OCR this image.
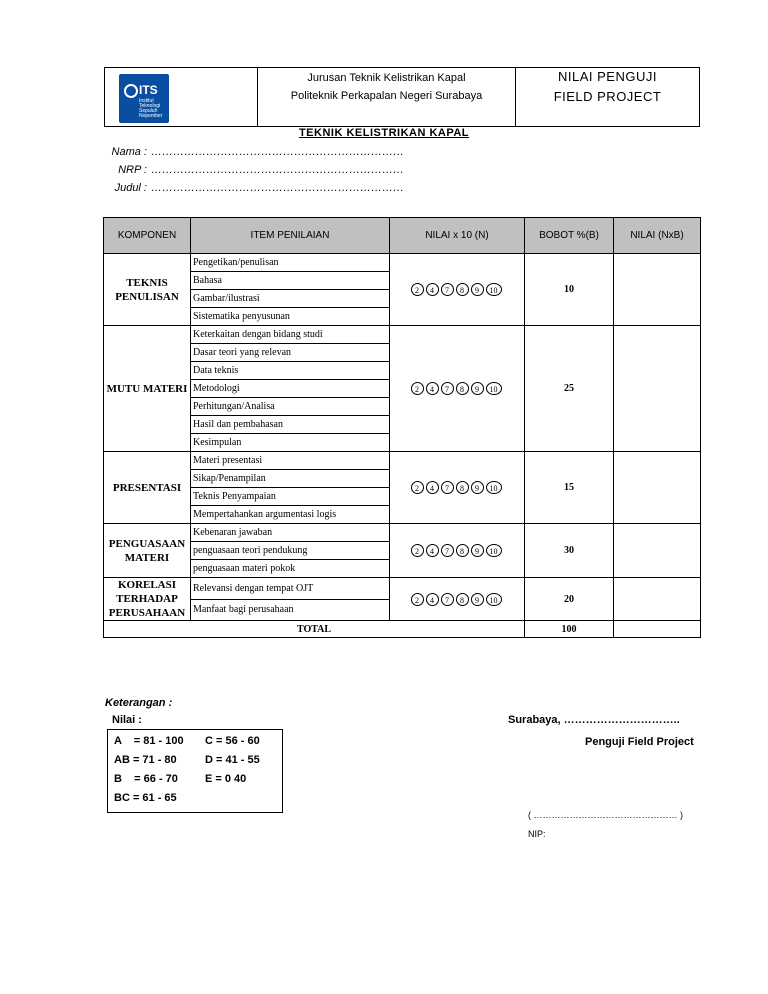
ITS
Institut Teknologi Sepuluh Nopember
Jurusan Teknik Kelistrikan Kapal
Politeknik Perkapalan Negeri Surabaya
NILAI PENGUJI
FIELD PROJECT
TEKNIK KELISTRIKAN KAPAL
Nama : ……………………………………………………………
NRP : ……………………………………………………………
Judul : ……………………………………………………………
KOMPONEN	ITEM PENILAIAN	NILAI x 10 (N)	BOBOT %(B)	NILAI (NxB)
TEKNIS PENULISAN	Pengetikan/penulisan	2 4 7 8 9 10	10	
	Bahasa			
	Gambar/ilustrasi			
	Sistematika penyusunan			
MUTU MATERI	Keterkaitan dengan bidang studi	2 4 7 8 9 10	25	
	Dasar teori yang relevan			
	Data teknis			
	Metodologi			
	Perhitungan/Analisa			
	Hasil dan pembahasan			
	Kesimpulan			
PRESENTASI	Materi presentasi	2 4 7 8 9 10	15	
	Sikap/Penampilan			
	Teknis Penyampaian			
	Mempertahankan argumentasi logis			
PENGUASAAN MATERI	Kebenaran jawaban	2 4 7 8 9 10	30	
	penguasaan teori pendukung			
	penguasaan materi pokok			
KORELASI TERHADAP PERUSAHAAN	Relevansi dengan tempat OJT	2 4 7 8 9 10	20	
	Manfaat bagi perusahaan			
TOTAL			100	
Keterangan :
Nilai :
A    = 81 - 100
AB = 71 - 80
B    = 66 - 70
BC = 61 - 65
C = 56 - 60
D = 41 - 55
E = 0 40
Surabaya, …………………………..
Penguji Field Project
( ………………………………………… )
NIP:
